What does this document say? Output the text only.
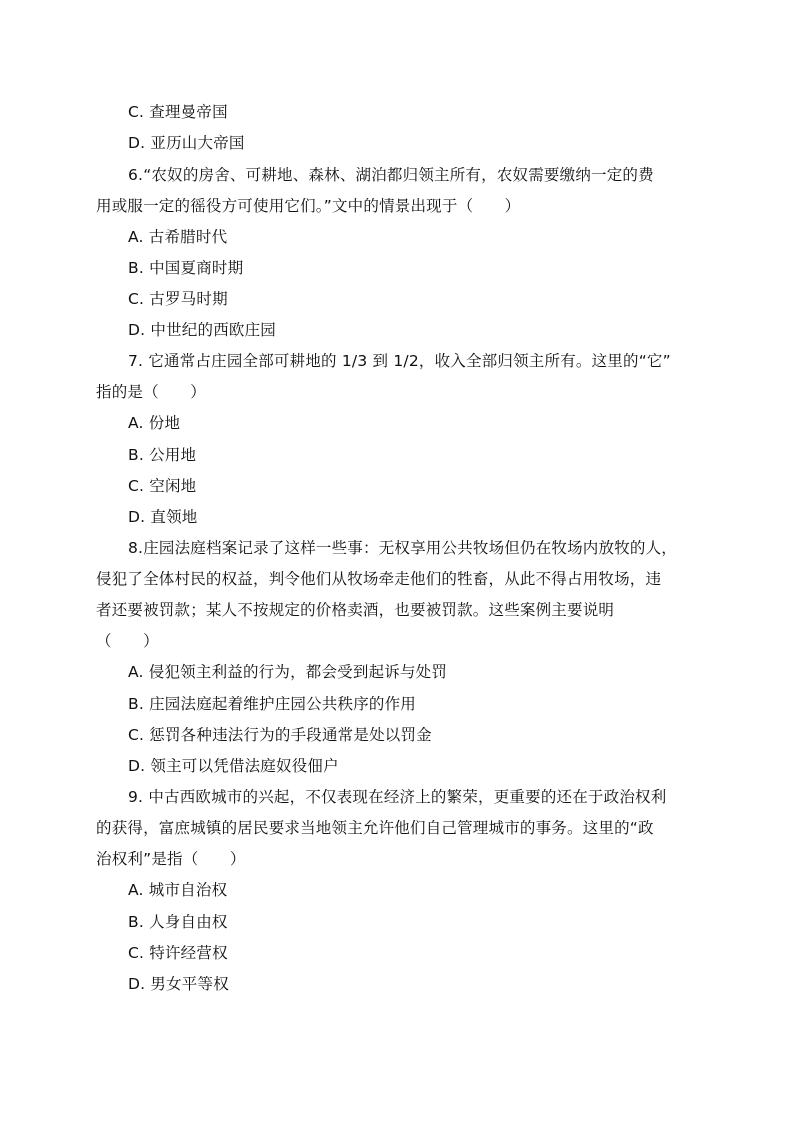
C. 查理曼帝国
D. 亚历山大帝国
6.“农奴的房舍、可耕地、森林、湖泊都归领主所有，农奴需要缴纳一定的费
用或服一定的徭役方可使用它们。”文中的情景出现于（　　）
A. 古希腊时代
B. 中国夏商时期
C. 古罗马时期
D. 中世纪的西欧庄园
7. 它通常占庄园全部可耕地的 1/3 到 1/2，收入全部归领主所有。这里的“它”
指的是（　　）
A. 份地
B. 公用地
C. 空闲地
D. 直领地
8.庄园法庭档案记录了这样一些事：无权享用公共牧场但仍在牧场内放牧的人，
侵犯了全体村民的权益，判令他们从牧场牵走他们的牲畜，从此不得占用牧场，违
者还要被罚款；某人不按规定的价格卖酒，也要被罚款。这些案例主要说明
（　　）
A. 侵犯领主利益的行为，都会受到起诉与处罚
B. 庄园法庭起着维护庄园公共秩序的作用
C. 惩罚各种违法行为的手段通常是处以罚金
D. 领主可以凭借法庭奴役佃户
9. 中古西欧城市的兴起，不仅表现在经济上的繁荣，更重要的还在于政治权利
的获得，富庶城镇的居民要求当地领主允许他们自己管理城市的事务。这里的“政
治权利”是指（　　）
A. 城市自治权
B. 人身自由权
C. 特许经营权
D. 男女平等权
